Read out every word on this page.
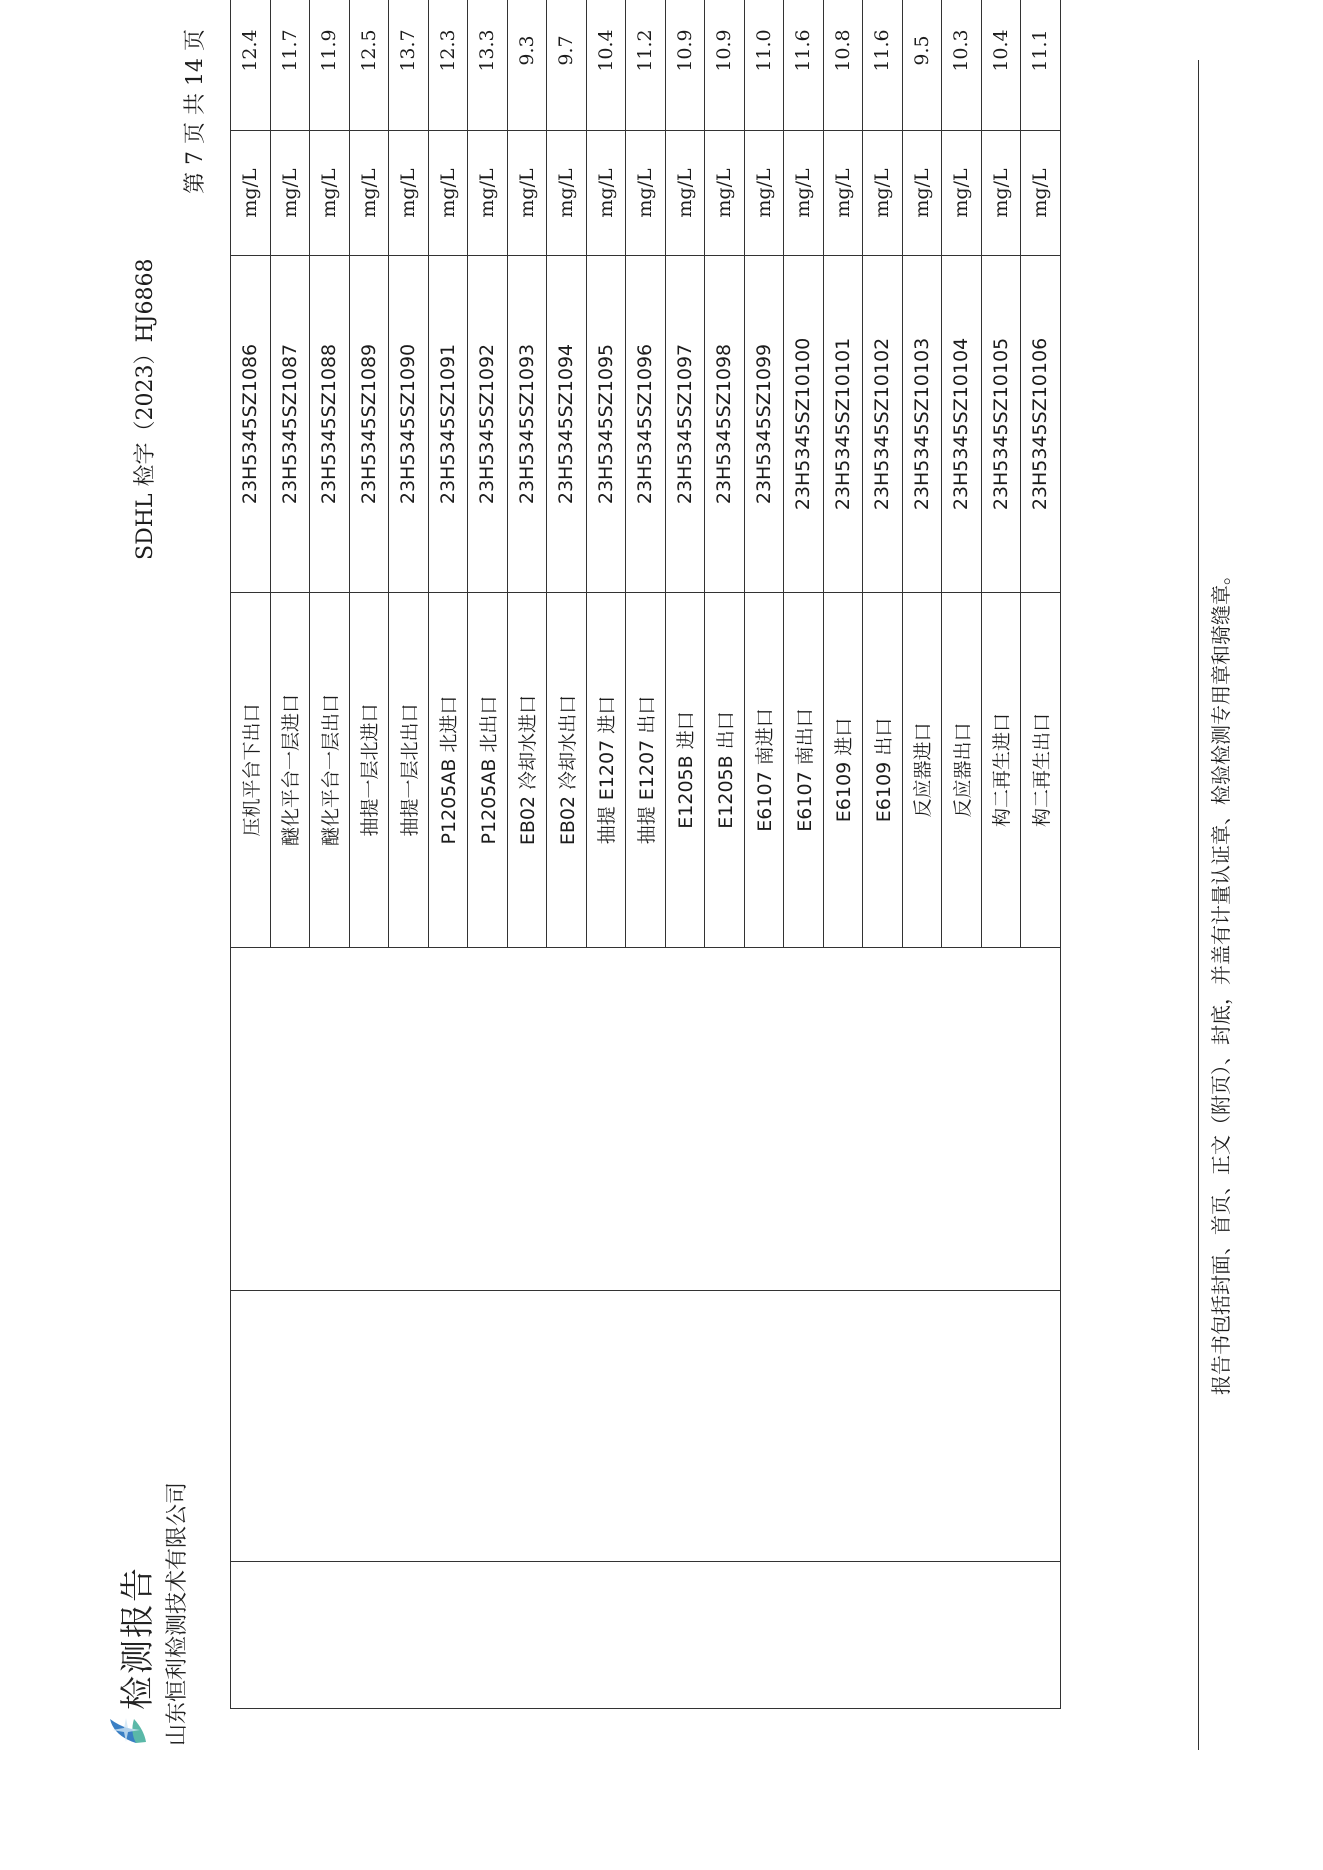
检测报告 山东恒利检测技术有限公司
SDHL 检字（2023）HJ6868
第 7 页 共 14 页
			压机平台下出口	23H5345SZ1086	mg/L	12.4
			醚化平台一层进口	23H5345SZ1087	mg/L	11.7
			醚化平台一层出口	23H5345SZ1088	mg/L	11.9
			抽提一层北进口	23H5345SZ1089	mg/L	12.5
			抽提一层北出口	23H5345SZ1090	mg/L	13.7
			P1205AB 北进口	23H5345SZ1091	mg/L	12.3
			P1205AB 北出口	23H5345SZ1092	mg/L	13.3
			EB02 冷却水进口	23H5345SZ1093	mg/L	9.3
			EB02 冷却水出口	23H5345SZ1094	mg/L	9.7
			抽提 E1207 进口	23H5345SZ1095	mg/L	10.4
			抽提 E1207 出口	23H5345SZ1096	mg/L	11.2
			E1205B 进口	23H5345SZ1097	mg/L	10.9
			E1205B 出口	23H5345SZ1098	mg/L	10.9
			E6107 南进口	23H5345SZ1099	mg/L	11.0
			E6107 南出口	23H5345SZ10100	mg/L	11.6
			E6109 进口	23H5345SZ10101	mg/L	10.8
			E6109 出口	23H5345SZ10102	mg/L	11.6
			反应器进口	23H5345SZ10103	mg/L	9.5
			反应器出口	23H5345SZ10104	mg/L	10.3
			构二再生进口	23H5345SZ10105	mg/L	10.4
			构二再生出口	23H5345SZ10106	mg/L	11.1
报告书包括封面、首页、正文（附页）、封底，并盖有计量认证章、检验检测专用章和骑缝章。
